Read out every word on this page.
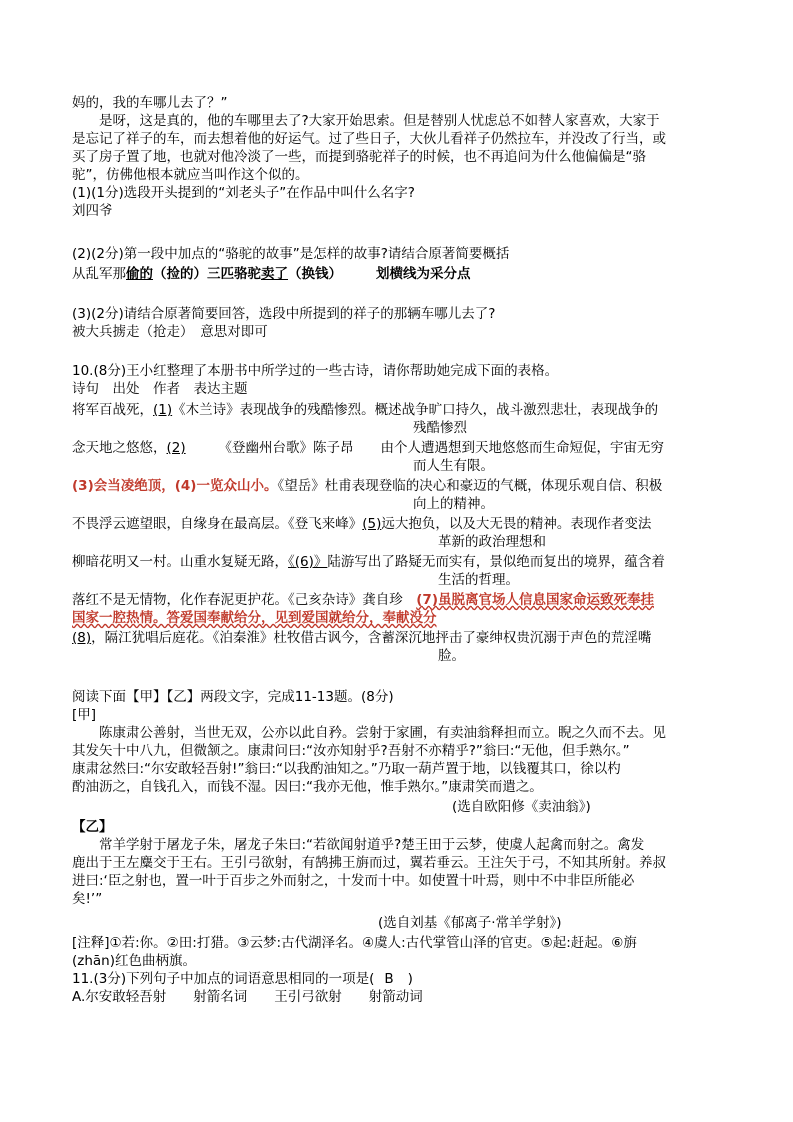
妈的，我的车哪儿去了？”
是呀，这是真的，他的车哪里去了?大家开始思索。但是替别人忧虑总不如替人家喜欢，大家于
是忘记了祥子的车，而去想着他的好运气。过了些日子，大伙儿看祥子仍然拉车，并没改了行当，或
买了房子置了地，也就对他冷淡了一些，而提到骆驼祥子的时候，也不再追问为什么他偏偏是“骆
驼”，仿佛他根本就应当叫作这个似的。
(1)(1分)选段开头提到的“刘老头子”在作品中叫什么名字?
刘四爷
(2)(2分)第一段中加点的“骆驼的故事”是怎样的故事?请结合原著简要概括
从乱军那偷的（捡的）三匹骆驼卖了（换钱）	划横线为采分点
(3)(2分)请结合原著简要回答，选段中所提到的祥子的那辆车哪儿去了?
被大兵掳走（抢走）　意思对即可
10.(8分)王小红整理了本册书中所学过的一些古诗，请你帮助她完成下面的表格。
诗句　出处　作者　表达主题
将军百战死，(1)《木兰诗》表现战争的残酷惨烈。概述战争旷口持久，战斗激烈悲壮，表现战争的
残酷惨烈
念天地之悠悠，(2) 《登幽州台歌》陈子昂　　由个人遭遇想到天地悠悠而生命短促，宇宙无穷
而人生有限。
(3)会当凌绝顶，(4)一览众山小。《望岳》杜甫表现登临的决心和豪迈的气概，体现乐观自信、积极
向上的精神。
不畏浮云遮望眼，自缘身在最高层。《登飞来峰》(5)远大抱负，以及大无畏的精神。表现作者变法
革新的政治理想和
柳暗花明又一村。山重水复疑无路，《(6)》陆游写出了路疑无而实有，景似绝而复出的境界，蕴含着
生活的哲理。
落红不是无情物，化作春泥更护花。《己亥杂诗》龚自珍　(7)虽脱离官场人信息国家命运致死奉挂
国家一腔热情。答爱国奉献给分，见到爱国就给分，奉献没分
(8)，隔江犹唱后庭花。《泊秦淮》杜牧借古讽今，含蓄深沉地抨击了豪绅权贵沉溺于声色的荒淫嘴
脸。
阅读下面【甲】【乙】两段文字，完成11-13题。(8分)
[甲]
陈康肃公善射，当世无双，公亦以此自矜。尝射于家圃，有卖油翁释担而立。睨之久而不去。见
其发矢十中八九，但微颔之。康肃问曰:“汝亦知射乎?吾射不亦精乎?”翁曰:“无他，但手熟尔。”
康肃忿然曰:“尔安敢轻吾射!”翁曰:“以我酌油知之。”乃取一葫芦置于地，以钱覆其口，徐以杓
酌油沥之，自钱孔入，而钱不湿。因曰:“我亦无他，惟手熟尔。”康肃笑而遣之。
(选自欧阳修《卖油翁》)
【乙】
常羊学射于屠龙子朱，屠龙子朱曰:“若欲闻射道乎?楚王田于云梦，使虞人起禽而射之。禽发
鹿出于王左麋交于王右。王引弓欲射，有鹄拂王旃而过，翼若垂云。王注矢于弓，不知其所射。养叔
进曰:‘臣之射也，置一叶于百步之外而射之，十发而十中。如使置十叶焉，则中不中非臣所能必
矣!’”
(选自刘基《郁离子·常羊学射》)
[注释]①若:你。②田:打猎。③云梦:古代湖泽名。④虞人:古代掌管山泽的官吏。⑤起:赶起。⑥旃
(zhān)红色曲柄旗。
11.(3分)下列句子中加点的词语意思相同的一项是( B )
A.尔安敢轻吾射　　射箭名词　　王引弓欲射　　射箭动词
